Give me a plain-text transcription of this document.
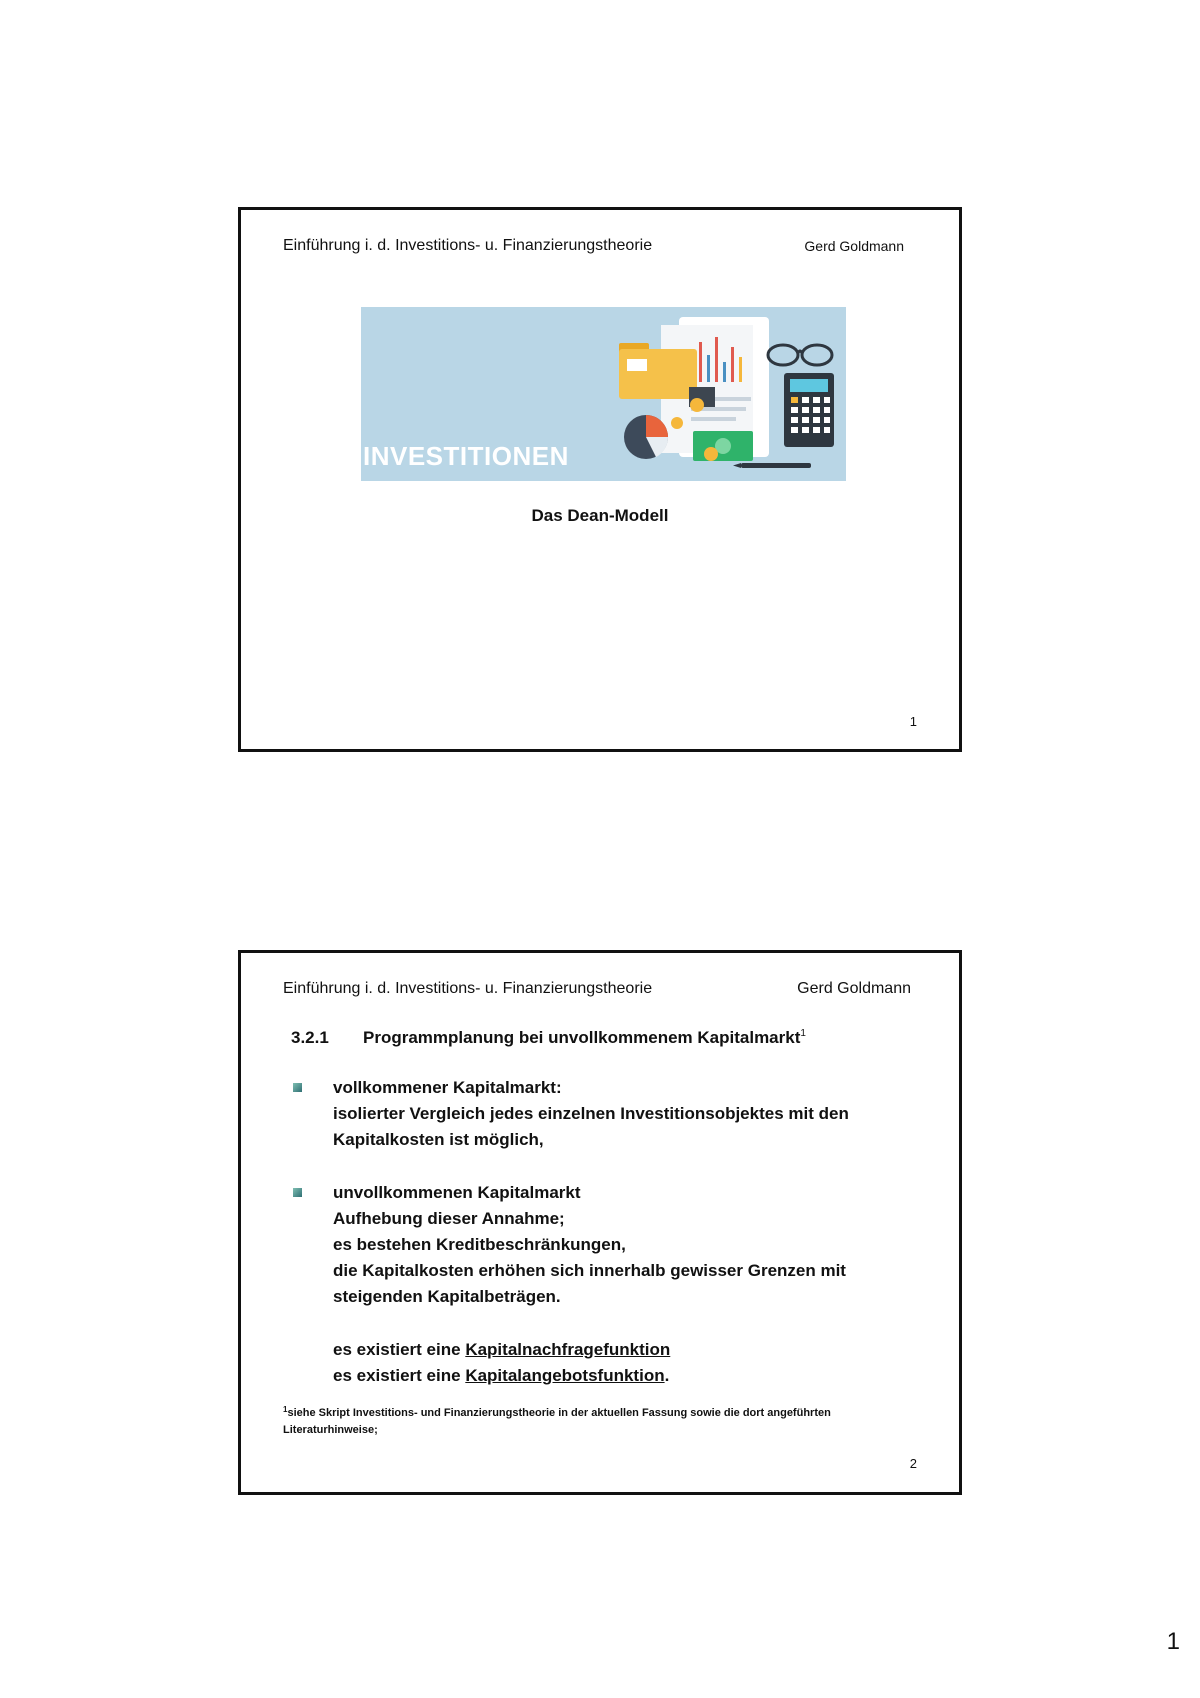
Einführung i. d. Investitions- u. Finanzierungstheorie	Gerd Goldmann
INVESTITIONEN
Das Dean-Modell
1
Einführung i. d. Investitions- u. Finanzierungstheorie	Gerd Goldmann
3.2.1	Programmplanung bei unvollkommenem Kapitalmarkt$^1$
vollkommener Kapitalmarkt:
isolierter Vergleich jedes einzelnen Investitionsobjektes mit den
Kapitalkosten ist möglich,
unvollkommenen Kapitalmarkt
Aufhebung dieser Annahme;
es bestehen Kreditbeschränkungen,
die Kapitalkosten erhöhen sich innerhalb gewisser Grenzen mit
steigenden Kapitalbeträgen.
es existiert eine Kapitalnachfragefunktion
es existiert eine Kapitalangebotsfunktion.
$^1$siehe Skript Investitions- und Finanzierungstheorie in der aktuellen Fassung sowie die dort angeführten Literaturhinweise;
2
1
